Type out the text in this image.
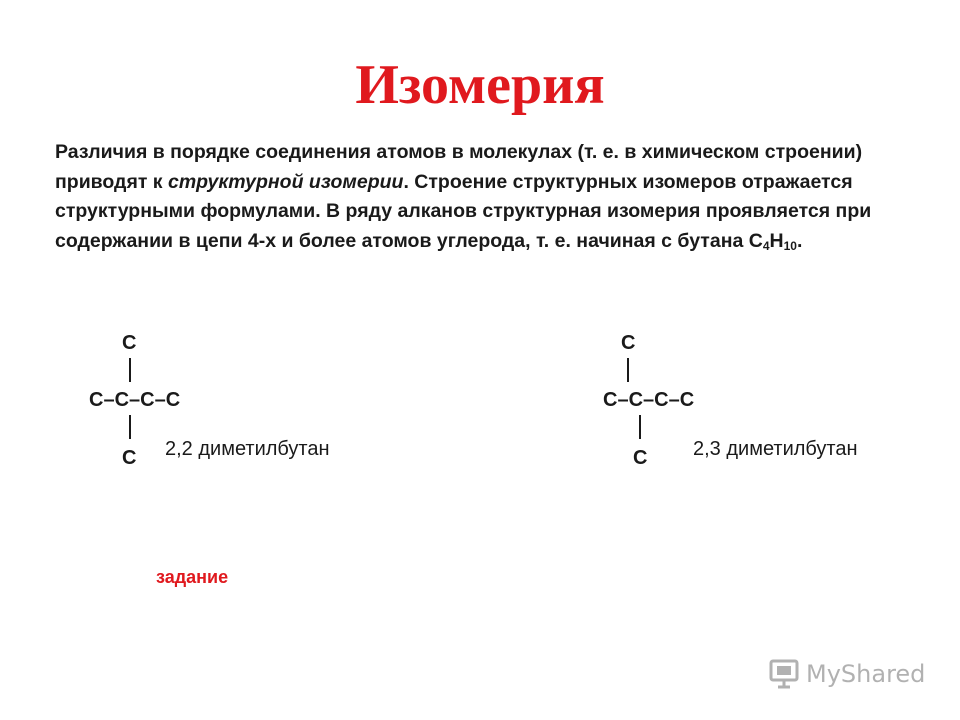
Изомерия
Различия в порядке соединения атомов в молекулах (т. е. в химическом строении) приводят к структурной изомерии. Строение структурных изомеров отражается структурными формулами. В ряду алканов структурная изомерия проявляется при содержании в цепи 4-х и более атомов углерода, т. е. начиная с бутана $C_4H_{10}$.
C
C–C–C–C
C 2,2 диметилбутан
C
C–C–C–C
C 2,3 диметилбутан
задание
MyShared
